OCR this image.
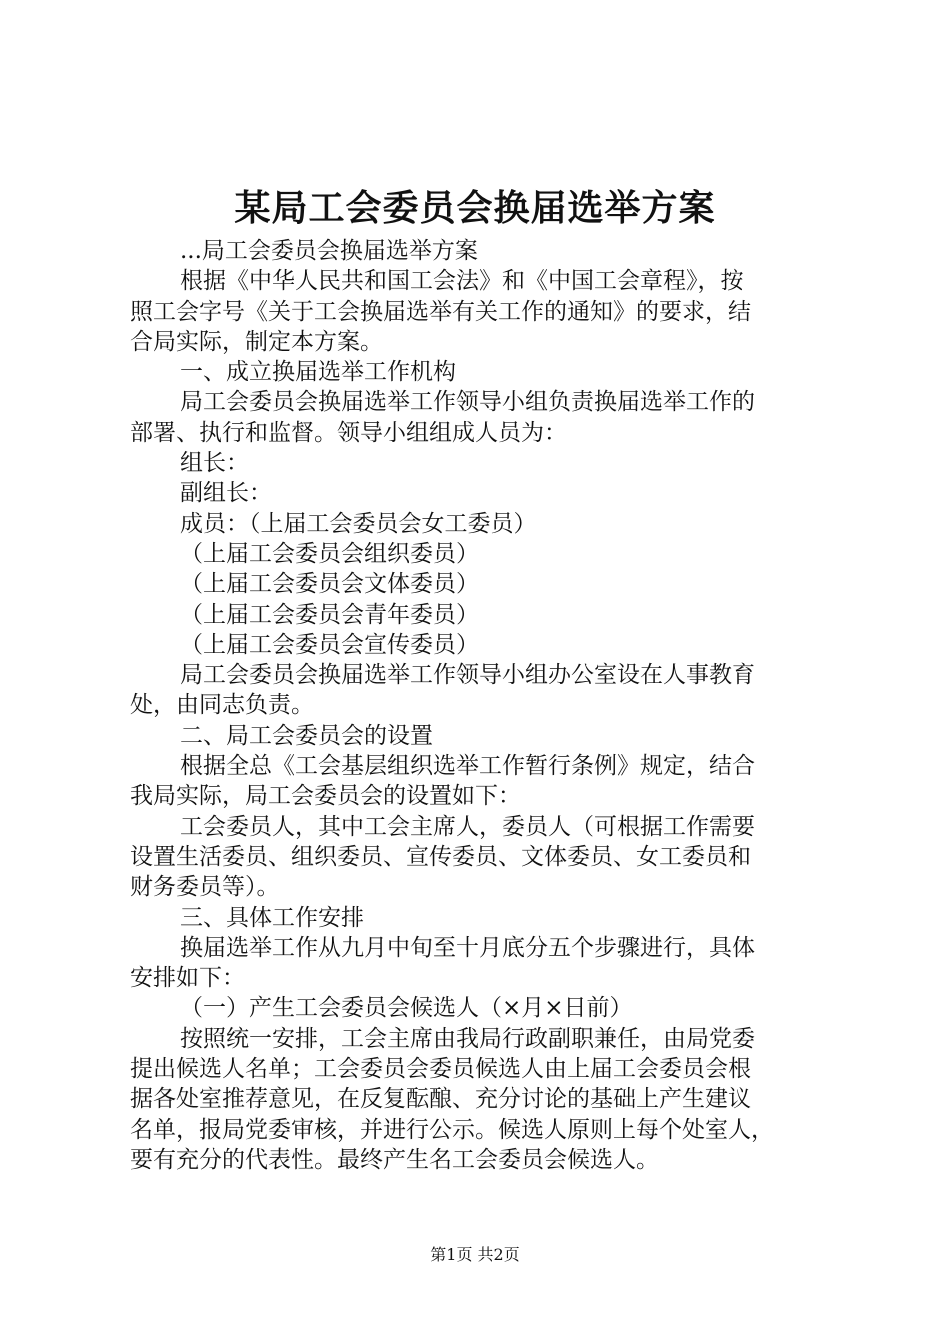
某局工会委员会换届选举方案

...局工会委员会换届选举方案

根据《中华人民共和国工会法》和《中国工会章程》，按

照工会字号《关于工会换届选举有关工作的通知》的要求，结

合局实际，制定本方案。

一、成立换届选举工作机构

局工会委员会换届选举工作领导小组负责换届选举工作的

部署、执行和监督。领导小组组成人员为：

组长：

副组长：

成员：（上届工会委员会女工委员）

（上届工会委员会组织委员）

（上届工会委员会文体委员）

（上届工会委员会青年委员）

（上届工会委员会宣传委员）

局工会委员会换届选举工作领导小组办公室设在人事教育

处，由同志负责。

二、局工会委员会的设置

根据全总《工会基层组织选举工作暂行条例》规定，结合

我局实际，局工会委员会的设置如下：

工会委员人，其中工会主席人，委员人（可根据工作需要

设置生活委员、组织委员、宣传委员、文体委员、女工委员和

财务委员等）。

三、具体工作安排

换届选举工作从九月中旬至十月底分五个步骤进行，具体

安排如下：

（一）产生工会委员会候选人（×月×日前）

按照统一安排，工会主席由我局行政副职兼任，由局党委

提出候选人名单；工会委员会委员候选人由上届工会委员会根

据各处室推荐意见，在反复酝酿、充分讨论的基础上产生建议

名单，报局党委审核，并进行公示。候选人原则上每个处室人，

要有充分的代表性。最终产生名工会委员会候选人。

第1页 共2页
